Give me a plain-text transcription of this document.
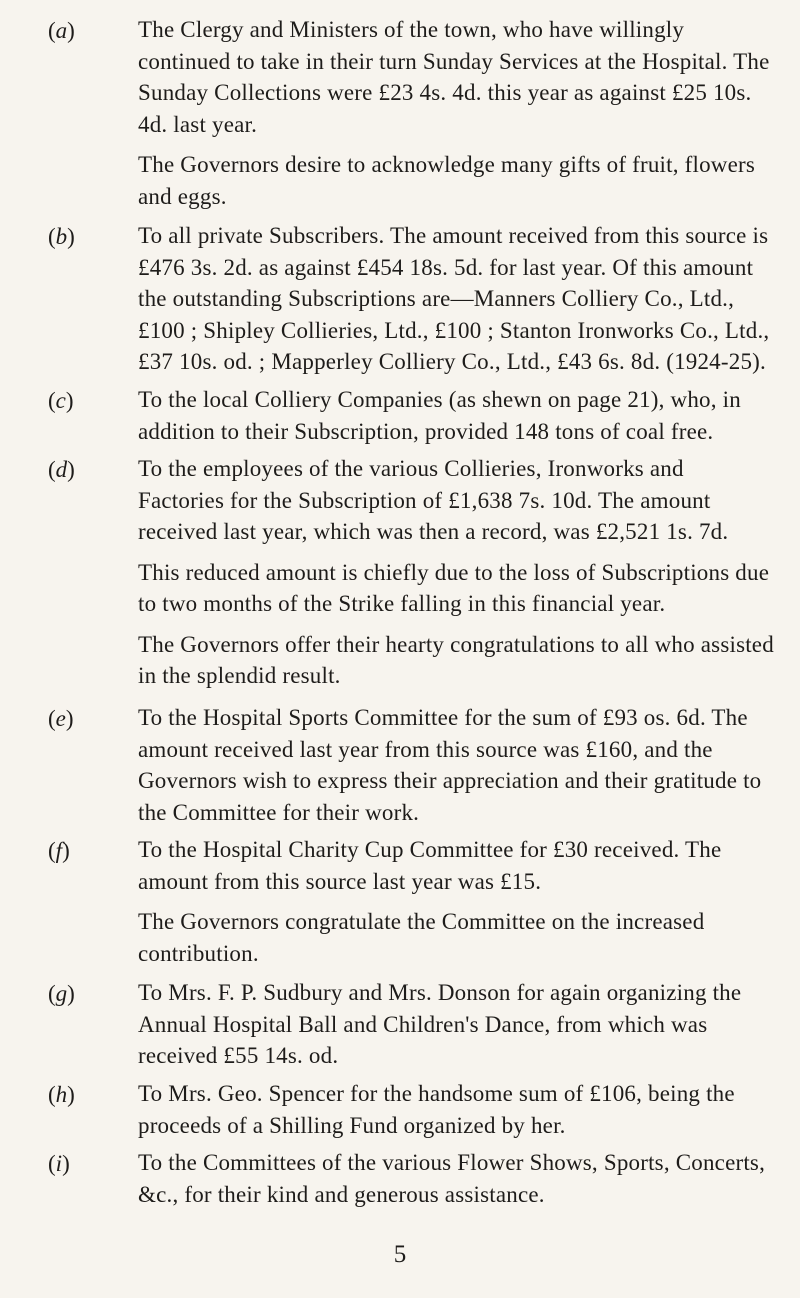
(a)	The Clergy and Ministers of the town, who have willingly continued to take in their turn Sunday Services at the Hospital. The Sunday Collections were £23 4s. 4d. this year as against £25 10s. 4d. last year.

The Governors desire to acknowledge many gifts of fruit, flowers and eggs.

(b)	To all private Subscribers. The amount received from this source is £476 3s. 2d. as against £454 18s. 5d. for last year. Of this amount the outstanding Subscriptions are—Manners Colliery Co., Ltd., £100 ; Shipley Collieries, Ltd., £100 ; Stanton Ironworks Co., Ltd., £37 10s. od. ; Mapperley Colliery Co., Ltd., £43 6s. 8d. (1924-25).

(c)	To the local Colliery Companies (as shewn on page 21), who, in addition to their Subscription, provided 148 tons of coal free.

(d)	To the employees of the various Collieries, Ironworks and Factories for the Subscription of £1,638 7s. 10d. The amount received last year, which was then a record, was £2,521 1s. 7d.

This reduced amount is chiefly due to the loss of Subscriptions due to two months of the Strike falling in this financial year.

The Governors offer their hearty congratulations to all who assisted in the splendid result.

(e)	To the Hospital Sports Committee for the sum of £93 os. 6d. The amount received last year from this source was £160, and the Governors wish to express their appreciation and their gratitude to the Committee for their work.

(f)	To the Hospital Charity Cup Committee for £30 received. The amount from this source last year was £15.

The Governors congratulate the Committee on the increased contribution.

(g)	To Mrs. F. P. Sudbury and Mrs. Donson for again organizing the Annual Hospital Ball and Children's Dance, from which was received £55 14s. od.

(h)	To Mrs. Geo. Spencer for the handsome sum of £106, being the proceeds of a Shilling Fund organized by her.

(i)	To the Committees of the various Flower Shows, Sports, Concerts, &c., for their kind and generous assistance.

5
